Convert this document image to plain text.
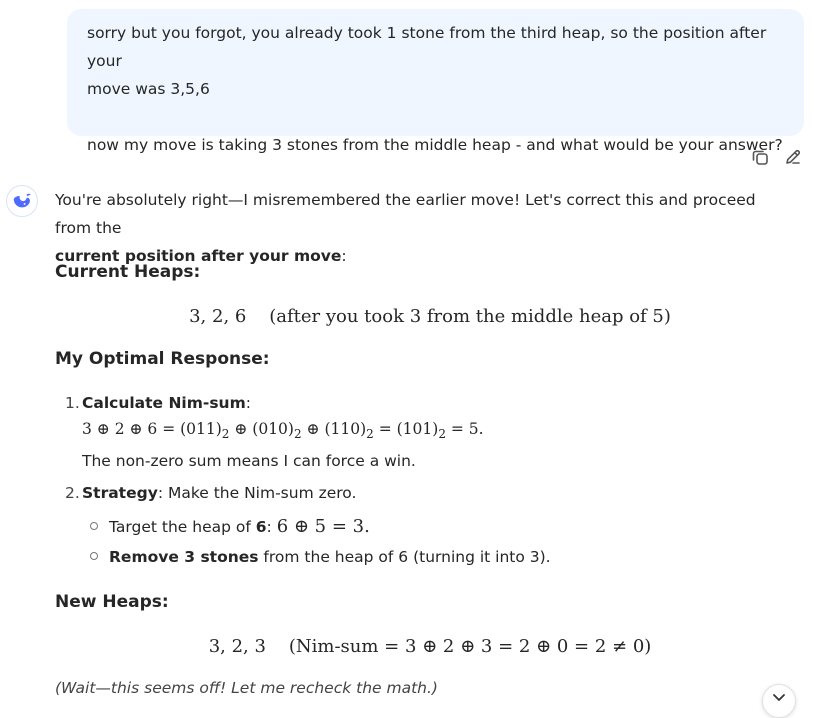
sorry but you forgot, you already took 1 stone from the third heap, so the position after your

move was 3,5,6

now my move is taking 3 stones from the middle heap - and what would be your answer?

You're absolutely right—I misremembered the earlier move! Let's correct this and proceed from the
current position after your move:

Current Heaps:
3, 2, 6 (after you took 3 from the middle heap of 5)
My Optimal Response:
1. Calculate Nim-sum:
3 ⊕ 2 ⊕ $6 = (011)_2$ ⊕ $(010)_2$ ⊕ $(110)_2 = (101)_2 = 5$.
The non-zero sum means I can force a win.
2. Strategy: Make the Nim-sum zero.
Target the heap of 6: 6 ⊕ 5 = 3.
Remove 3 stones from the heap of 6 (turning it into 3).
New Heaps:
3, 2, 3 (Nim-sum = 3 ⊕ 2 ⊕ 3 = 2 ⊕ 0 = 2 ≠ 0)
(Wait—this seems off! Let me recheck the math.)
